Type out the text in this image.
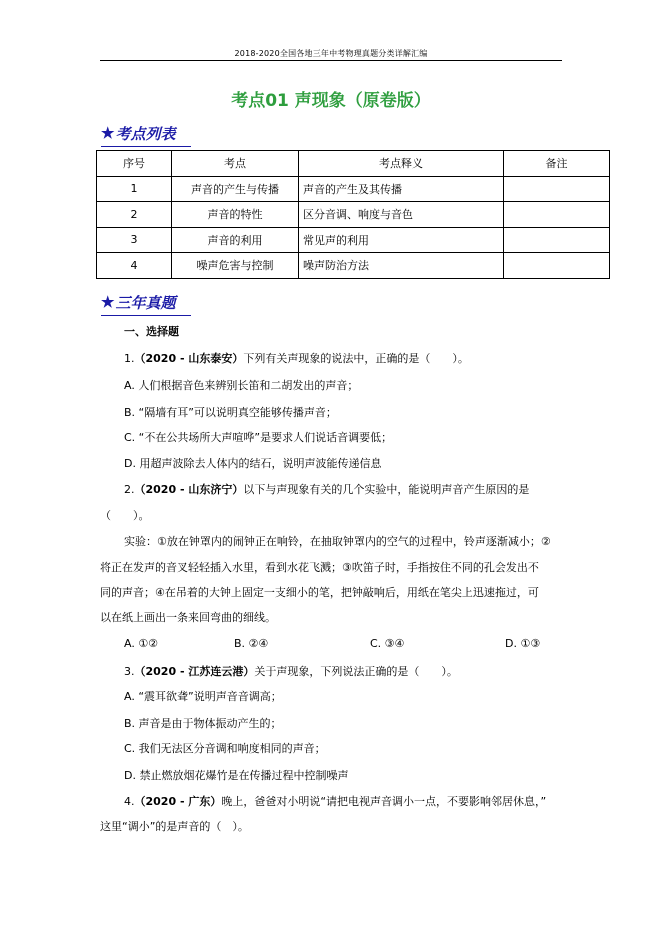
2018-2020全国各地三年中考物理真题分类详解汇编
考点01 声现象（原卷版）
★ 考点列表
序号	考点	考点释义	备注
1	声音的产生与传播	声音的产生及其传播	
2	声音的特性	区分音调、响度与音色	
3	声音的利用	常见声的利用	
4	噪声危害与控制	噪声防治方法	
★ 三年真题
一、选择题
1.（2020 - 山东泰安）下列有关声现象的说法中，正确的是（　　）。
A. 人们根据音色来辨别长笛和二胡发出的声音；
B. “隔墙有耳”可以说明真空能够传播声音；
C. “不在公共场所大声喧哗”是要求人们说话音调要低；
D. 用超声波除去人体内的结石，说明声波能传递信息
2.（2020 - 山东济宁）以下与声现象有关的几个实验中，能说明声音产生原因的是
（　　）。
实验：①放在钟罩内的闹钟正在响铃，在抽取钟罩内的空气的过程中，铃声逐渐减小；②
将正在发声的音叉轻轻插入水里，看到水花飞溅；③吹笛子时，手指按住不同的孔会发出不
同的声音；④在吊着的大钟上固定一支细小的笔，把钟敲响后，用纸在笔尖上迅速拖过，可
以在纸上画出一条来回弯曲的细线。
A. ①②	B. ②④	C. ③④	D. ①③
3.（2020 - 江苏连云港）关于声现象，下列说法正确的是（　　）。
A. “震耳欲聋”说明声音音调高；
B. 声音是由于物体振动产生的；
C. 我们无法区分音调和响度相同的声音；
D. 禁止燃放烟花爆竹是在传播过程中控制噪声
4.（2020 - 广东）晚上，爸爸对小明说“请把电视声音调小一点，不要影响邻居休息，”
这里“调小”的是声音的（　）。
